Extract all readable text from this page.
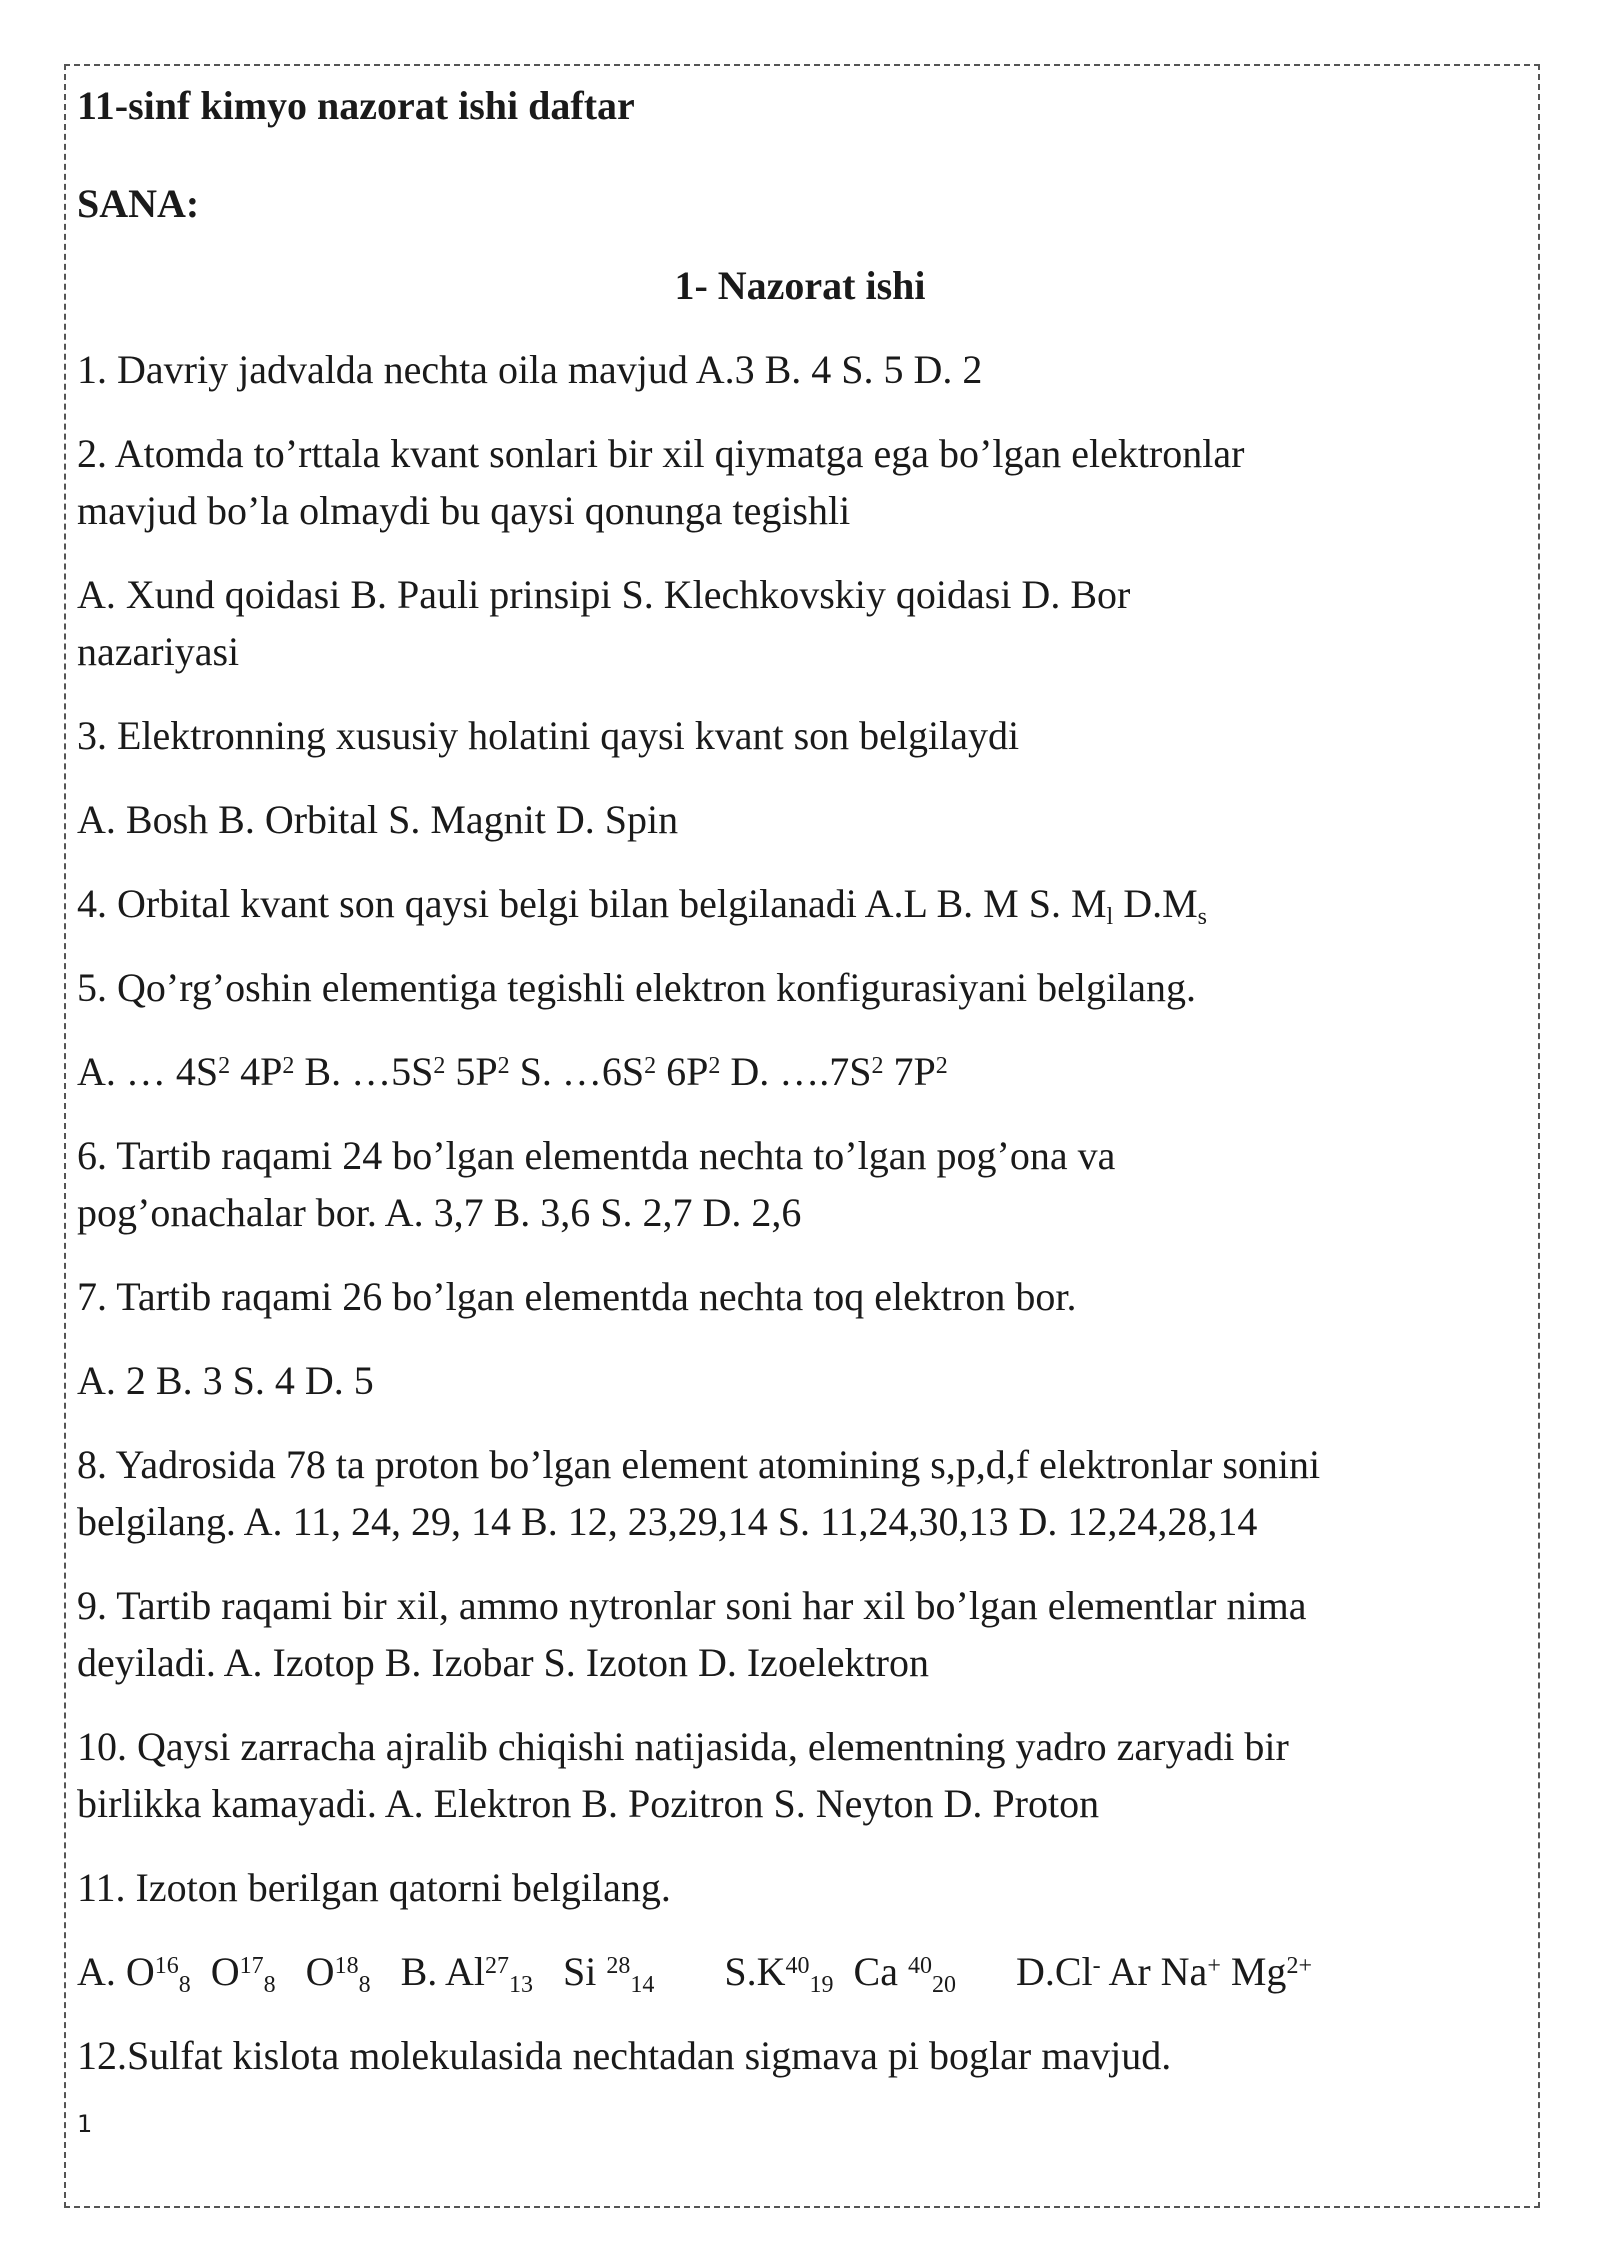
11-sinf kimyo nazorat ishi daftar
SANA:
1- Nazorat ishi
1. Davriy jadvalda nechta oila mavjud A.3 B. 4 S. 5 D. 2
2. Atomda to’rttala kvant sonlari bir xil qiymatga ega bo’lgan elektronlar
mavjud bo’la olmaydi bu qaysi qonunga tegishli
A. Xund qoidasi B. Pauli prinsipi S. Klechkovskiy qoidasi D. Bor
nazariyasi
3. Elektronning xususiy holatini qaysi kvant son belgilaydi
A. Bosh B. Orbital S. Magnit D. Spin
4. Orbital kvant son qaysi belgi bilan belgilanadi A.L B. M S. $M_l$ $D.M_s$
5. Qo’rg’oshin elementiga tegishli elektron konfigurasiyani belgilang.
A. … $4S^2$ $4P^2$ B. $\dots 5S^2$ $5P^2$ S. $\dots 6S^2$ $6P^2$ D. $\dots.7S^2$ $7P^2$
6. Tartib raqami 24 bo’lgan elementda nechta to’lgan pog’ona va
pog’onachalar bor. A. 3,7 B. 3,6 S. 2,7 D. 2,6
7. Tartib raqami 26 bo’lgan elementda nechta toq elektron bor.
A. 2 B. 3 S. 4 D. 5
8. Yadrosida 78 ta proton bo’lgan element atomining s,p,d,f elektronlar sonini
belgilang. A. 11, 24, 29, 14 B. 12, 23,29,14 S. 11,24,30,13 D. 12,24,28,14
9. Tartib raqami bir xil, ammo nytronlar soni har xil bo’lgan elementlar nima
deyiladi. A. Izotop B. Izobar S. Izoton D. Izoelektron
10. Qaysi zarracha ajralib chiqishi natijasida, elementning yadro zaryadi bir
birlikka kamayadi. A. Elektron B. Pozitron S. Neyton D. Proton
11. Izoton berilgan qatorni belgilang.
A. $O^{16}_8$ $O^{17}_8$ $O^{18}_8$ B. $Al^{27}_{13}$ Si $^{28}_{14}$ $S.K^{40}_{19}$ Ca $^{40}_{20}$ D.Cl- Ar Na+ $Mg^{2+}$
12.Sulfat kislota molekulasida nechtadan sigmava pi boglar mavjud.
1
